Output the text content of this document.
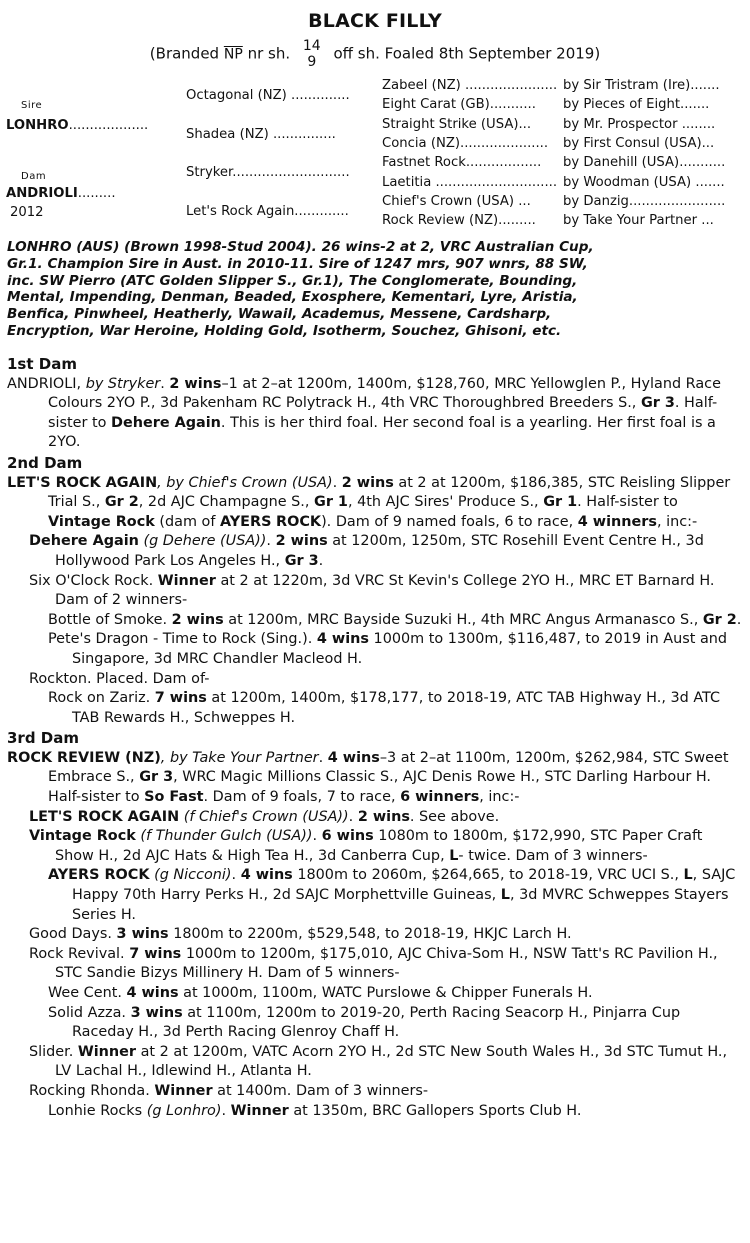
BLACK FILLY
(Branded $\overline{NP}$ nr sh. 14
9 off sh. Foaled 8th September 2019)
Sire
LONHRO...................
Dam
ANDRIOLI.........
2012
Octagonal (NZ) ..............
Shadea (NZ) ...............
Stryker............................
Let's Rock Again.............
Zabeel (NZ) ......................
Eight Carat (GB)...........
Straight Strike (USA)...
Concia (NZ).....................
Fastnet Rock..................
Laetitia .............................
Chief's Crown (USA) ...
Rock Review (NZ).........
by Sir Tristram (Ire).......
by Pieces of Eight.......
by Mr. Prospector ........
by First Consul (USA)...
by Danehill (USA)...........
by Woodman (USA) .......
by Danzig.......................
by Take Your Partner ...
LONHRO (AUS) (Brown 1998-Stud 2004). 26 wins-2 at 2, VRC Australian Cup,
Gr.1. Champion Sire in Aust. in 2010-11. Sire of 1247 mrs, 907 wnrs, 88 SW,
inc. SW Pierro (ATC Golden Slipper S., Gr.1), The Conglomerate, Bounding,
Mental, Impending, Denman, Beaded, Exosphere, Kementari, Lyre, Aristia,
Benfica, Pinwheel, Heatherly, Wawail, Academus, Messene, Cardsharp,
Encryption, War Heroine, Holding Gold, Isotherm, Souchez, Ghisoni, etc.
1st Dam
ANDRIOLI, by Stryker. 2 wins–1 at 2–at 1200m, 1400m, $128,760, MRC Yellowglen P., Hyland Race Colours 2YO P., 3d Pakenham RC Polytrack H., 4th VRC Thoroughbred Breeders S., Gr 3. Half-sister to Dehere Again. This is her third foal. Her second foal is a yearling. Her first foal is a 2YO.
2nd Dam
LET'S ROCK AGAIN, by Chief's Crown (USA). 2 wins at 2 at 1200m, $186,385, STC Reisling Slipper Trial S., Gr 2, 2d AJC Champagne S., Gr 1, 4th AJC Sires' Produce S., Gr 1. Half-sister to Vintage Rock (dam of AYERS ROCK). Dam of 9 named foals, 6 to race, 4 winners, inc:-
Dehere Again (g Dehere (USA)). 2 wins at 1200m, 1250m, STC Rosehill Event Centre H., 3d Hollywood Park Los Angeles H., Gr 3.
Six O'Clock Rock. Winner at 2 at 1220m, 3d VRC St Kevin's College 2YO H., MRC ET Barnard H. Dam of 2 winners-
Bottle of Smoke. 2 wins at 1200m, MRC Bayside Suzuki H., 4th MRC Angus Armanasco S., Gr 2.
Pete's Dragon - Time to Rock (Sing.). 4 wins 1000m to 1300m, $116,487, to 2019 in Aust and Singapore, 3d MRC Chandler Macleod H.
Rockton. Placed. Dam of-
Rock on Zariz. 7 wins at 1200m, 1400m, $178,177, to 2018-19, ATC TAB Highway H., 3d ATC TAB Rewards H., Schweppes H.
3rd Dam
ROCK REVIEW (NZ), by Take Your Partner. 4 wins–3 at 2–at 1100m, 1200m, $262,984, STC Sweet Embrace S., Gr 3, WRC Magic Millions Classic S., AJC Denis Rowe H., STC Darling Harbour H. Half-sister to So Fast. Dam of 9 foals, 7 to race, 6 winners, inc:-
LET'S ROCK AGAIN (f Chief's Crown (USA)). 2 wins. See above.
Vintage Rock (f Thunder Gulch (USA)). 6 wins 1080m to 1800m, $172,990, STC Paper Craft Show H., 2d AJC Hats & High Tea H., 3d Canberra Cup, L- twice. Dam of 3 winners-
AYERS ROCK (g Nicconi). 4 wins 1800m to 2060m, $264,665, to 2018-19, VRC UCI S., L, SAJC Happy 70th Harry Perks H., 2d SAJC Morphettville Guineas, L, 3d MVRC Schweppes Stayers Series H.
Good Days. 3 wins 1800m to 2200m, $529,548, to 2018-19, HKJC Larch H.
Rock Revival. 7 wins 1000m to 1200m, $175,010, AJC Chiva-Som H., NSW Tatt's RC Pavilion H., STC Sandie Bizys Millinery H. Dam of 5 winners-
Wee Cent. 4 wins at 1000m, 1100m, WATC Purslowe & Chipper Funerals H.
Solid Azza. 3 wins at 1100m, 1200m to 2019-20, Perth Racing Seacorp H., Pinjarra Cup Raceday H., 3d Perth Racing Glenroy Chaff H.
Slider. Winner at 2 at 1200m, VATC Acorn 2YO H., 2d STC New South Wales H., 3d STC Tumut H., LV Lachal H., Idlewind H., Atlanta H.
Rocking Rhonda. Winner at 1400m. Dam of 3 winners-
Lonhie Rocks (g Lonhro). Winner at 1350m, BRC Gallopers Sports Club H.
